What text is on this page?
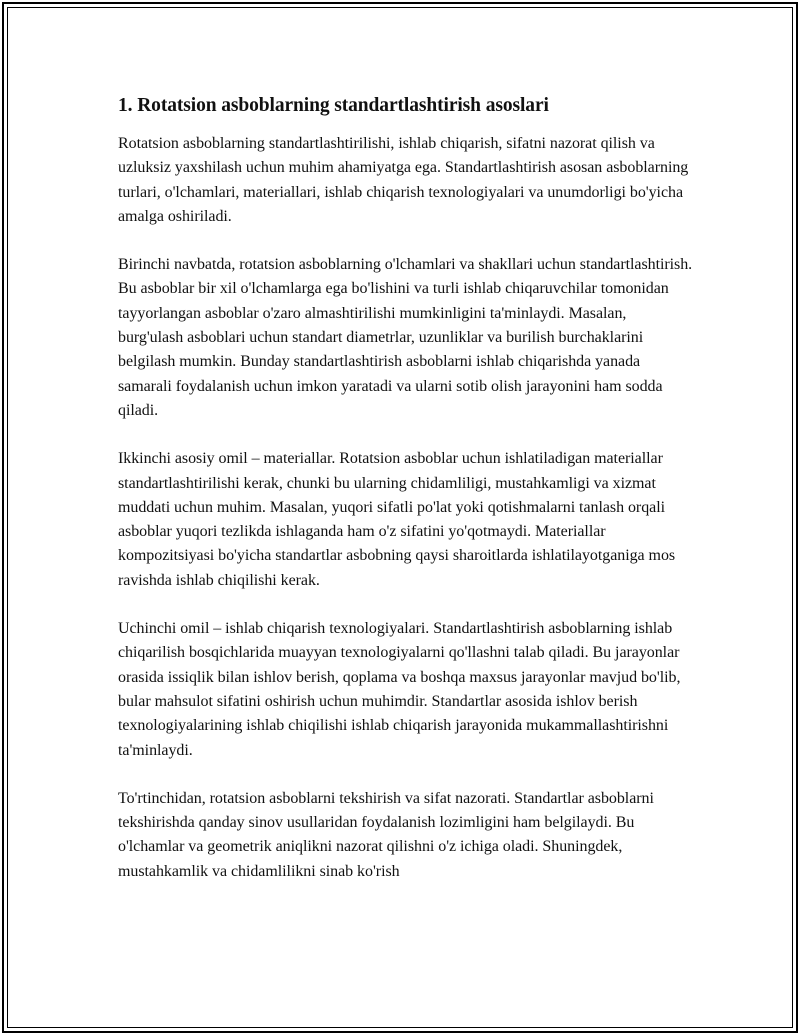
1. Rotatsion asboblarning standartlashtirish asoslari

Rotatsion asboblarning standartlashtirilishi, ishlab chiqarish, sifatni nazorat qilish va uzluksiz yaxshilash uchun muhim ahamiyatga ega. Standartlashtirish asosan asboblarning turlari, o'lchamlari, materiallari, ishlab chiqarish texnologiyalari va unumdorligi bo'yicha amalga oshiriladi.

Birinchi navbatda, rotatsion asboblarning o'lchamlari va shakllari uchun standartlashtirish. Bu asboblar bir xil o'lchamlarga ega bo'lishini va turli ishlab chiqaruvchilar tomonidan tayyorlangan asboblar o'zaro almashtirilishi mumkinligini ta'minlaydi. Masalan, burg'ulash asboblari uchun standart diametrlar, uzunliklar va burilish burchaklarini belgilash mumkin. Bunday standartlashtirish asboblarni ishlab chiqarishda yanada samarali foydalanish uchun imkon yaratadi va ularni sotib olish jarayonini ham sodda qiladi.

Ikkinchi asosiy omil – materiallar. Rotatsion asboblar uchun ishlatiladigan materiallar standartlashtirilishi kerak, chunki bu ularning chidamliligi, mustahkamligi va xizmat muddati uchun muhim. Masalan, yuqori sifatli po'lat yoki qotishmalarni tanlash orqali asboblar yuqori tezlikda ishlaganda ham o'z sifatini yo'qotmaydi. Materiallar kompozitsiyasi bo'yicha standartlar asbobning qaysi sharoitlarda ishlatilayotganiga mos ravishda ishlab chiqilishi kerak.

Uchinchi omil – ishlab chiqarish texnologiyalari. Standartlashtirish asboblarning ishlab chiqarilish bosqichlarida muayyan texnologiyalarni qo'llashni talab qiladi. Bu jarayonlar orasida issiqlik bilan ishlov berish, qoplama va boshqa maxsus jarayonlar mavjud bo'lib, bular mahsulot sifatini oshirish uchun muhimdir. Standartlar asosida ishlov berish texnologiyalarining ishlab chiqilishi ishlab chiqarish jarayonida mukammallashtirishni ta'minlaydi.

To'rtinchidan, rotatsion asboblarni tekshirish va sifat nazorati. Standartlar asboblarni tekshirishda qanday sinov usullaridan foydalanish lozimligini ham belgilaydi. Bu o'lchamlar va geometrik aniqlikni nazorat qilishni o'z ichiga oladi. Shuningdek, mustahkamlik va chidamlilikni sinab ko'rish
